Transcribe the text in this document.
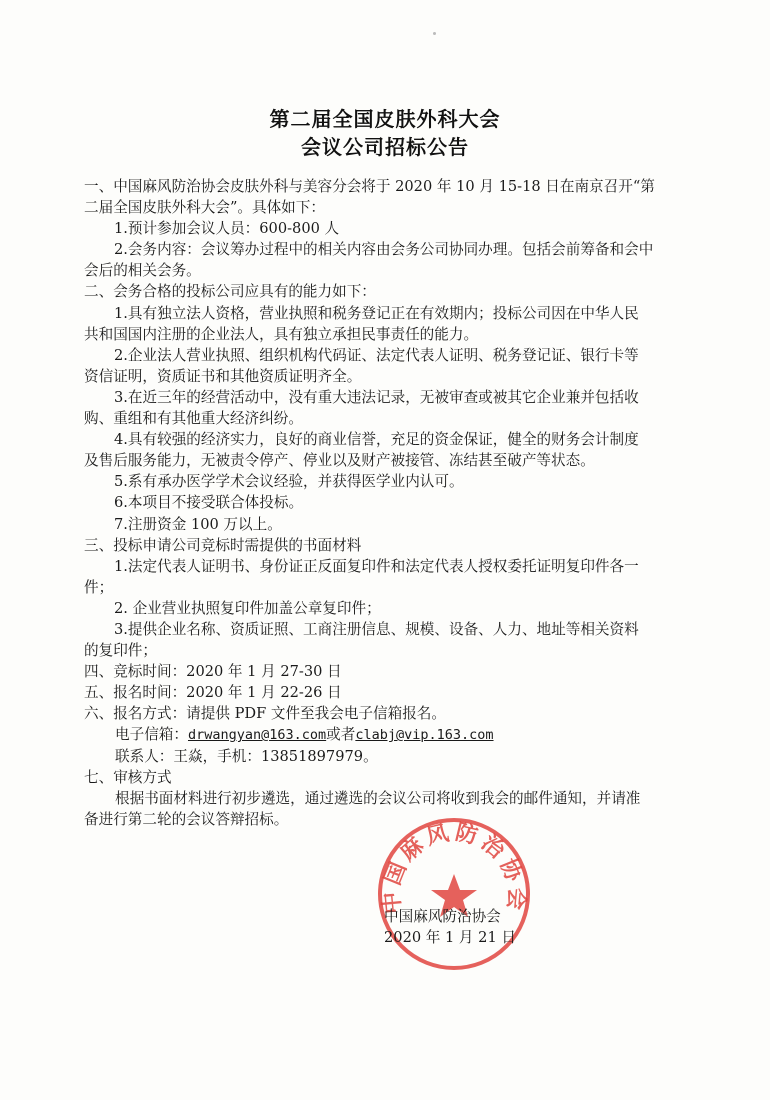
第二届全国皮肤外科大会
会议公司招标公告
一、中国麻风防治协会皮肤外科与美容分会将于 2020 年 10 月 15-18 日在南京召开“第
二届全国皮肤外科大会”。具体如下：
1.预计参加会议人员：600-800 人
2.会务内容：会议筹办过程中的相关内容由会务公司协同办理。包括会前筹备和会中
会后的相关会务。
二、会务合格的投标公司应具有的能力如下：
1.具有独立法人资格，营业执照和税务登记正在有效期内；投标公司因在中华人民
共和国国内注册的企业法人，具有独立承担民事责任的能力。
2.企业法人营业执照、组织机构代码证、法定代表人证明、税务登记证、银行卡等
资信证明，资质证书和其他资质证明齐全。
3.在近三年的经营活动中，没有重大违法记录，无被审查或被其它企业兼并包括收
购、重组和有其他重大经济纠纷。
4.具有较强的经济实力，良好的商业信誉，充足的资金保证，健全的财务会计制度
及售后服务能力，无被责令停产、停业以及财产被接管、冻结甚至破产等状态。
5.系有承办医学学术会议经验，并获得医学业内认可。
6.本项目不接受联合体投标。
7.注册资金 100 万以上。
三、投标申请公司竞标时需提供的书面材料
1.法定代表人证明书、身份证正反面复印件和法定代表人授权委托证明复印件各一
件；
2. 企业营业执照复印件加盖公章复印件；
3.提供企业名称、资质证照、工商注册信息、规模、设备、人力、地址等相关资料
的复印件；
四、竞标时间：2020 年 1 月 27-30 日
五、报名时间：2020 年 1 月 22-26 日
六、报名方式：请提供 PDF 文件至我会电子信箱报名。
电子信箱：drwangyan@163.com或者clabj@vip.163.com
联系人：王焱，手机：13851897979。
七、审核方式
根据书面材料进行初步遴选，通过遴选的会议公司将收到我会的邮件通知，并请准
备进行第二轮的会议答辩招标。
中国麻风防治协会
中国麻风防治协会
2020 年 1 月 21 日
